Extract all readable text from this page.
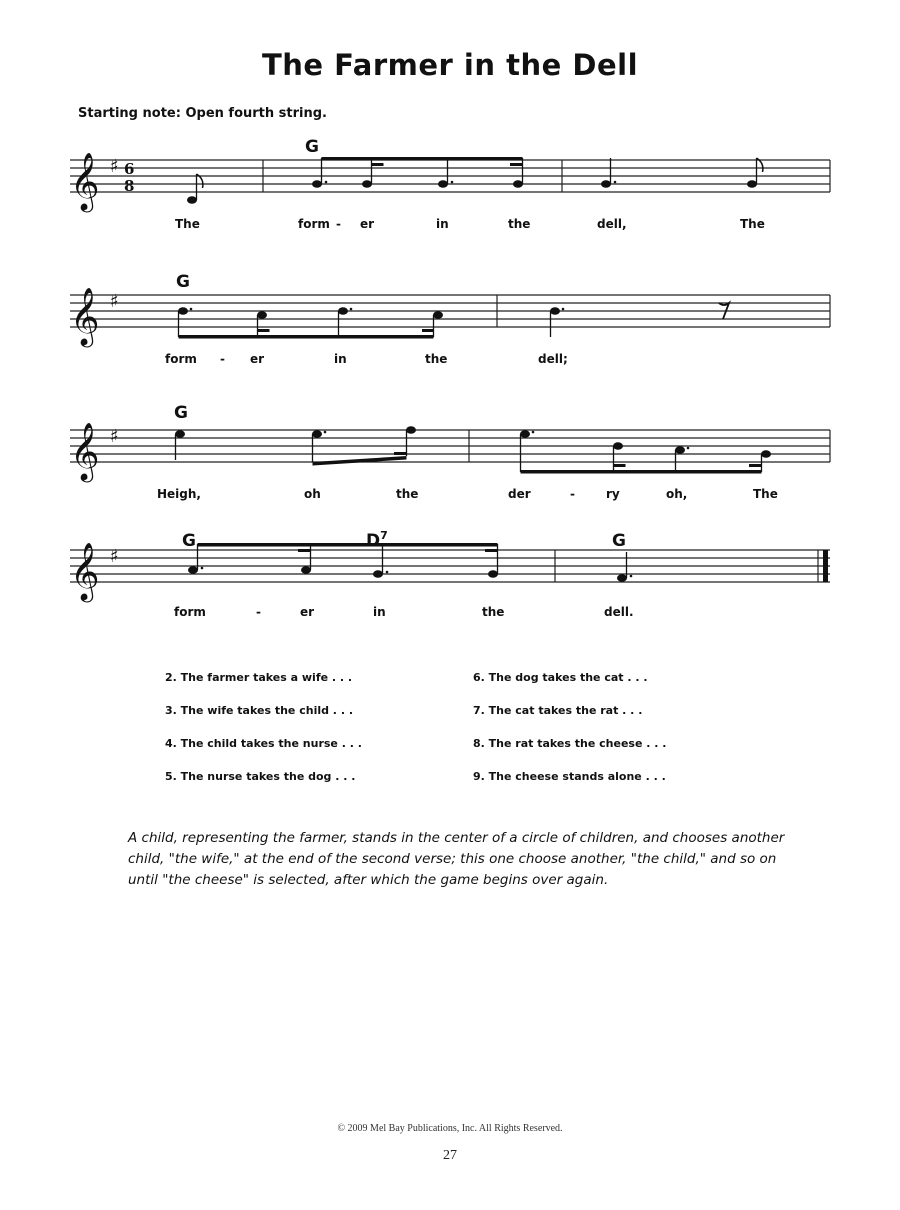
The Farmer in the Dell
Starting note: Open fourth string.
𝄞 ♯ 6
8
G
The	form - er	in	the	dell,	The
𝄞 ♯
G
form - er	in	the	dell;
𝄞 ♯
G
Heigh,	oh	the	der	-	ry	oh,	The
𝄞 ♯
G	$D^7$	G
form	-	er	in	the	dell.
2. The farmer takes a wife . . .
3. The wife takes the child . . .
4. The child takes the nurse . . .
5. The nurse takes the dog . . .
6. The dog takes the cat . . .
7. The cat takes the rat . . .
8. The rat takes the cheese . . .
9. The cheese stands alone . . .
A child, representing the farmer, stands in the center of a circle of children, and chooses another child, "the wife," at the end of the second verse; this one choose another, "the child," and so on until "the cheese" is selected, after which the game begins over again.
© 2009 Mel Bay Publications, Inc. All Rights Reserved.
27
